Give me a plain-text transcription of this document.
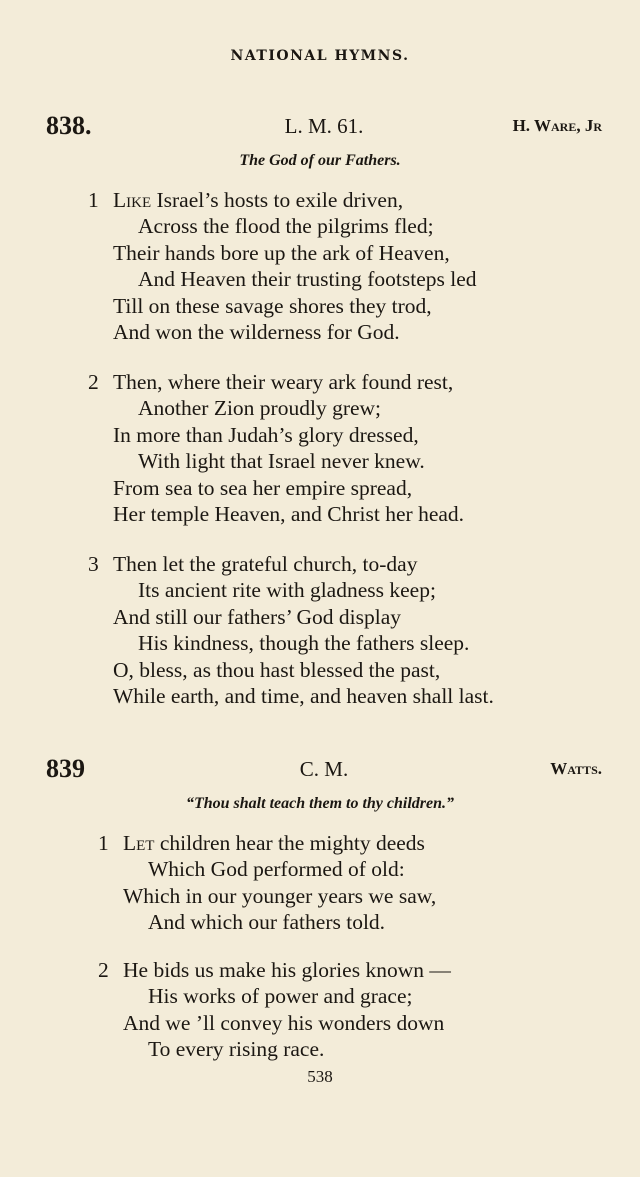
NATIONAL HYMNS.
838.	L. M. 61.	H. Ware, Jr
The God of our Fathers.
1 Like Israel’s hosts to exile driven,
Across the flood the pilgrims fled;
Their hands bore up the ark of Heaven,
And Heaven their trusting footsteps led
Till on these savage shores they trod,
And won the wilderness for God.
2 Then, where their weary ark found rest,
Another Zion proudly grew;
In more than Judah’s glory dressed,
With light that Israel never knew.
From sea to sea her empire spread,
Her temple Heaven, and Christ her head.
3 Then let the grateful church, to-day
Its ancient rite with gladness keep;
And still our fathers’ God display
His kindness, though the fathers sleep.
O, bless, as thou hast blessed the past,
While earth, and time, and heaven shall last.
839	C. M.	Watts.
“Thou shalt teach them to thy children.”
1 Let children hear the mighty deeds
Which God performed of old:
Which in our younger years we saw,
And which our fathers told.
2 He bids us make his glories known —
His works of power and grace;
And we ’ll convey his wonders down
To every rising race.
538
